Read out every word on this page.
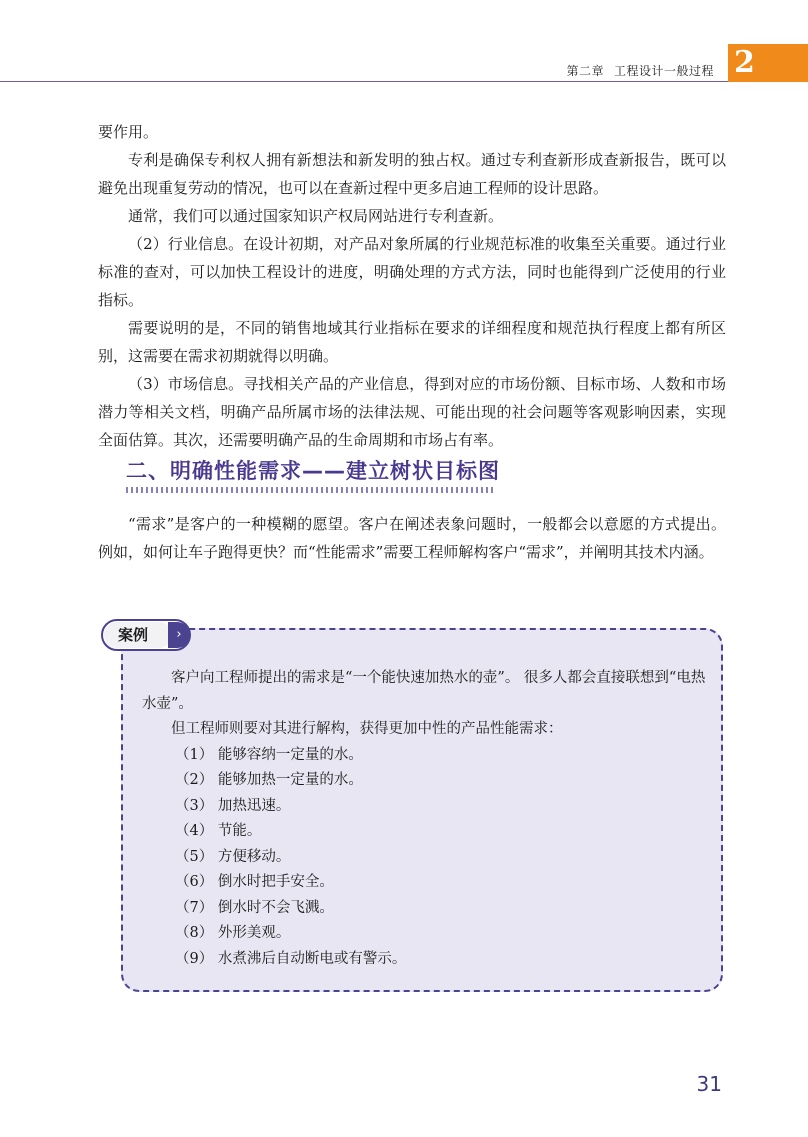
2
第二章 工程设计一般过程

要作用。

专利是确保专利权人拥有新想法和新发明的独占权。通过专利查新形成查新报告，既可以避免出现重复劳动的情况，也可以在查新过程中更多启迪工程师的设计思路。

通常，我们可以通过国家知识产权局网站进行专利查新。

（2）行业信息。在设计初期，对产品对象所属的行业规范标准的收集至关重要。通过行业标准的查对，可以加快工程设计的进度，明确处理的方式方法，同时也能得到广泛使用的行业指标。

需要说明的是，不同的销售地域其行业指标在要求的详细程度和规范执行程度上都有所区别，这需要在需求初期就得以明确。

（3）市场信息。寻找相关产品的产业信息，得到对应的市场份额、目标市场、人数和市场潜力等相关文档，明确产品所属市场的法律法规、可能出现的社会问题等客观影响因素，实现全面估算。其次，还需要明确产品的生命周期和市场占有率。

二、明确性能需求——建立树状目标图

“需求”是客户的一种模糊的愿望。客户在阐述表象问题时，一般都会以意愿的方式提出。例如，如何让车子跑得更快？而“性能需求”需要工程师解构客户“需求”，并阐明其技术内涵。

案例	›

客户向工程师提出的需求是“一个能快速加热水的壶”。 很多人都会直接联想到“电热水壶”。

但工程师则要对其进行解构，获得更加中性的产品性能需求：

（1） 能够容纳一定量的水。
（2） 能够加热一定量的水。
（3） 加热迅速。
（4） 节能。
（5） 方便移动。
（6） 倒水时把手安全。
（7） 倒水时不会飞溅。
（8） 外形美观。
（9） 水煮沸后自动断电或有警示。
31
